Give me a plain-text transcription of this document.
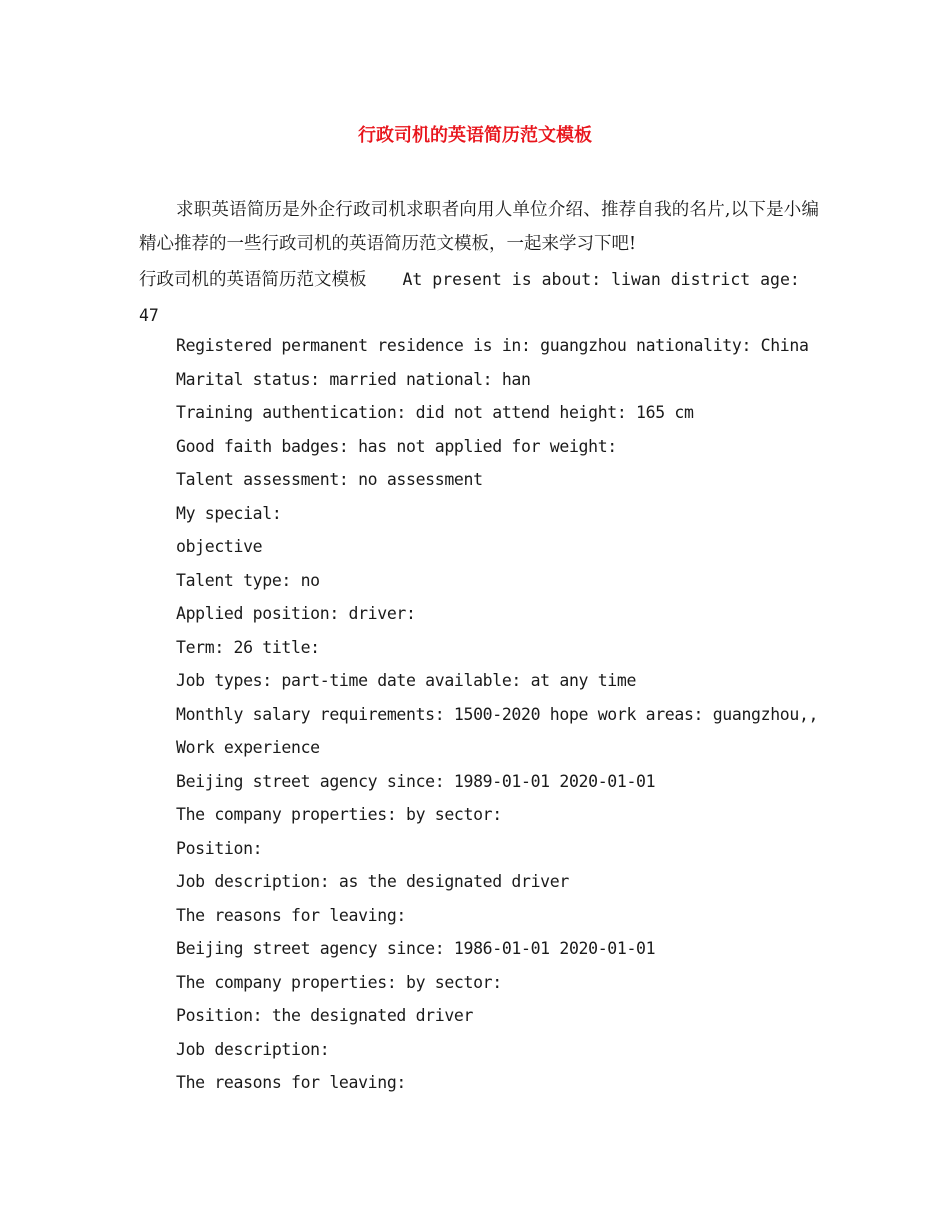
行政司机的英语简历范文模板

求职英语简历是外企行政司机求职者向用人单位介绍、推荐自我的名片,以下是小编精心推荐的一些行政司机的英语简历范文模板，一起来学习下吧!

行政司机的英语简历范文模板 At present is about: liwan district age: 47

Registered permanent residence is in: guangzhou nationality: China
Marital status: married national: han
Training authentication: did not attend height: 165 cm
Good faith badges: has not applied for weight:
Talent assessment: no assessment
My special:
objective
Talent type: no
Applied position: driver:
Term: 26 title:
Job types: part-time date available: at any time
Monthly salary requirements: 1500-2020 hope work areas: guangzhou,,
Work experience
Beijing street agency since: 1989-01-01 2020-01-01
The company properties: by sector:
Position:
Job description: as the designated driver
The reasons for leaving:
Beijing street agency since: 1986-01-01 2020-01-01
The company properties: by sector:
Position: the designated driver
Job description:
The reasons for leaving:
